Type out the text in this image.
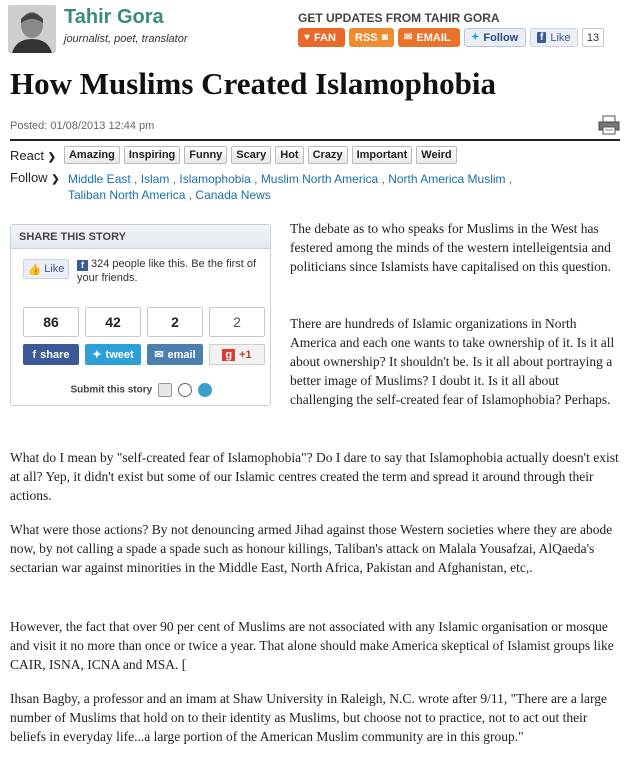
Tahir Gora
journalist, poet, translator
GET UPDATES FROM TAHIR GORA
♥ FAN RSS ◙ ✉ EMAIL ✦ Follow	f Like	13
How Muslims Created Islamophobia
Posted: 01/08/2013 12:44 pm
React ❯	Amazing	Inspiring	Funny	Scary	Hot	Crazy	Important	Weird
Follow ❯ Middle East , Islam , Islamophobia , Muslim North America , North America Muslim ,
Taliban North America , Canada News
SHARE THIS STORY
👍 Like	f 324 people like this. Be the first of your friends.
86	42	2	2
f share ✦ tweet ✉ email	g +1
Submit this story

The debate as to who speaks for Muslims in the West has festered among the minds of the western intelleigentsia and politicians since Islamists have capitalised on this question.

There are hundreds of Islamic organizations in North America and each one wants to take ownership of it. Is it all about ownership? It shouldn't be. Is it all about portraying a better image of Muslims? I doubt it. Is it all about challenging the self-created fear of Islamophobia? Perhaps.

What do I mean by "self-created fear of Islamophobia"? Do I dare to say that Islamophobia actually doesn't exist at all? Yep, it didn't exist but some of our Islamic centres created the term and spread it around through their actions.

What were those actions? By not denouncing armed Jihad against those Western societies where they are abode now, by not calling a spade a spade such as honour killings, Taliban's attack on Malala Yousafzai, AlQaeda's sectarian war against minorities in the Middle East, North Africa, Pakistan and Afghanistan, etc,.

However, the fact that over 90 per cent of Muslims are not associated with any Islamic organisation or mosque and visit it no more than once or twice a year. That alone should make America skeptical of Islamist groups like CAIR, ISNA, ICNA and MSA. [

Ihsan Bagby, a professor and an imam at Shaw University in Raleigh, N.C. wrote after 9/11, "There are a large number of Muslims that hold on to their identity as Muslims, but choose not to practice, not to act out their beliefs in everyday life...a large portion of the American Muslim community are in this group."
